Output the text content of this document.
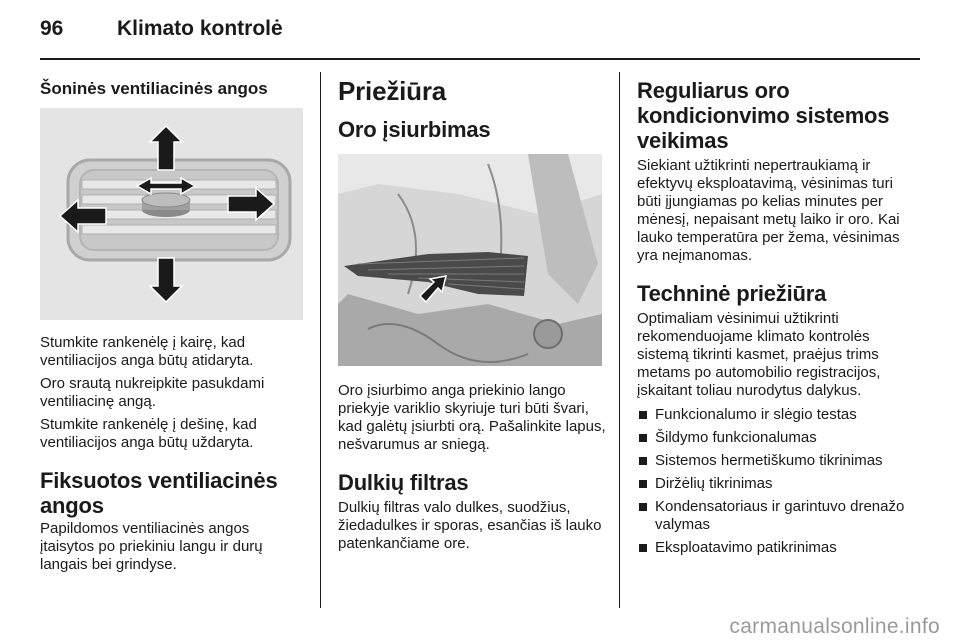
96	Klimato kontrolė
Šoninės ventiliacinės angos

Stumkite rankenėlę į kairę, kad ventiliacijos anga būtų atidaryta.

Oro srautą nukreipkite pasukdami ventiliacinę angą.

Stumkite rankenėlę į dešinę, kad ventiliacijos anga būtų uždaryta.

Fiksuotos ventiliacinės angos

Papildomos ventiliacinės angos įtaisytos po priekiniu langu ir durų langais bei grindyse.

Priežiūra
Oro įsiurbimas

Oro įsiurbimo anga priekinio lango priekyje variklio skyriuje turi būti švari, kad galėtų įsiurbti orą. Pašalinkite lapus, nešvarumus ar sniegą.

Dulkių filtras

Dulkių filtras valo dulkes, suodžius, žiedadulkes ir sporas, esančias iš lauko patenkančiame ore.

Reguliarus oro kondicionvimo sistemos veikimas

Siekiant užtikrinti nepertraukiamą ir efektyvų eksploatavimą, vėsinimas turi būti įjungiamas po kelias minutes per mėnesį, nepaisant metų laiko ir oro. Kai lauko temperatūra per žema, vėsinimas yra neįmanomas.

Techninė priežiūra

Optimaliam vėsinimui užtikrinti rekomenduojame klimato kontrolės sistemą tikrinti kasmet, praėjus trims metams po automobilio registracijos, įskaitant toliau nurodytus dalykus.

Funkcionalumo ir slėgio testas
Šildymo funkcionalumas
Sistemos hermetiškumo tikrinimas
Diržėlių tikrinimas
Kondensatoriaus ir garintuvo drenažo valymas
Eksploatavimo patikrinimas
carmanualsonline.info
